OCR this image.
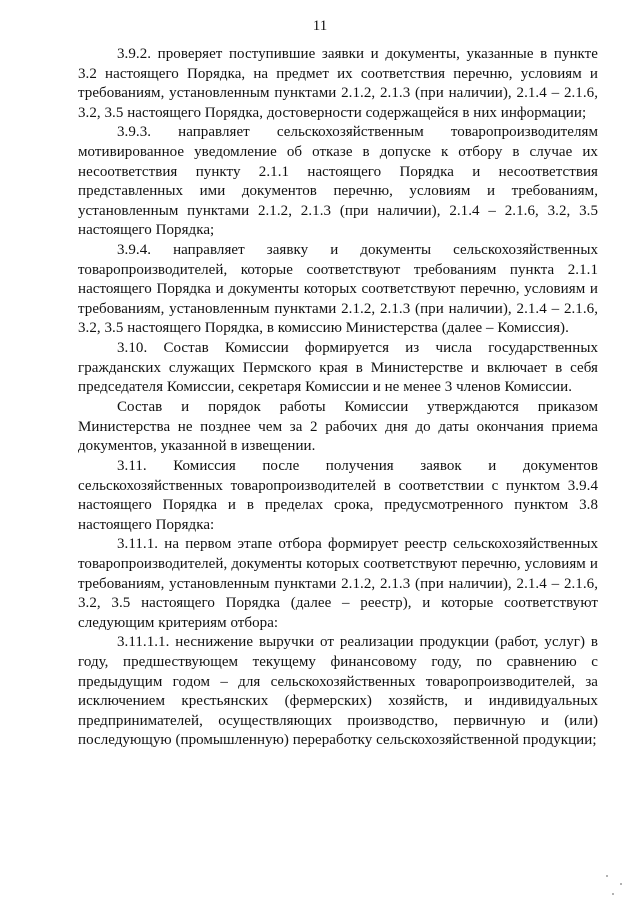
11

3.9.2. проверяет поступившие заявки и документы, указанные в пункте 3.2 настоящего Порядка, на предмет их соответствия перечню, условиям и требованиям, установленным пунктами 2.1.2, 2.1.3 (при наличии), 2.1.4 – 2.1.6, 3.2, 3.5 настоящего Порядка, достоверности содержащейся в них информации;

3.9.3. направляет сельскохозяйственным товаропроизводителям мотивированное уведомление об отказе в допуске к отбору в случае их несоответствия пункту 2.1.1 настоящего Порядка и несоответствия представленных ими документов перечню, условиям и требованиям, установленным пунктами 2.1.2, 2.1.3 (при наличии), 2.1.4 – 2.1.6, 3.2, 3.5 настоящего Порядка;

3.9.4. направляет заявку и документы сельскохозяйственных товаропроизводителей, которые соответствуют требованиям пункта 2.1.1 настоящего Порядка и документы которых соответствуют перечню, условиям и требованиям, установленным пунктами 2.1.2, 2.1.3 (при наличии), 2.1.4 – 2.1.6, 3.2, 3.5 настоящего Порядка, в комиссию Министерства (далее – Комиссия).

3.10. Состав Комиссии формируется из числа государственных гражданских служащих Пермского края в Министерстве и включает в себя председателя Комиссии, секретаря Комиссии и не менее 3 членов Комиссии.

Состав и порядок работы Комиссии утверждаются приказом Министерства не позднее чем за 2 рабочих дня до даты окончания приема документов, указанной в извещении.

3.11. Комиссия после получения заявок и документов сельскохозяйственных товаропроизводителей в соответствии с пунктом 3.9.4 настоящего Порядка и в пределах срока, предусмотренного пунктом 3.8 настоящего Порядка:

3.11.1. на первом этапе отбора формирует реестр сельскохозяйственных товаропроизводителей, документы которых соответствуют перечню, условиям и требованиям, установленным пунктами 2.1.2, 2.1.3 (при наличии), 2.1.4 – 2.1.6, 3.2, 3.5 настоящего Порядка (далее – реестр), и которые соответствуют следующим критериям отбора:

3.11.1.1. неснижение выручки от реализации продукции (работ, услуг) в году, предшествующем текущему финансовому году, по сравнению с предыдущим годом – для сельскохозяйственных товаропроизводителей, за исключением крестьянских (фермерских) хозяйств, и индивидуальных предпринимателей, осуществляющих производство, первичную и (или) последующую (промышленную) переработку сельскохозяйственной продукции;
